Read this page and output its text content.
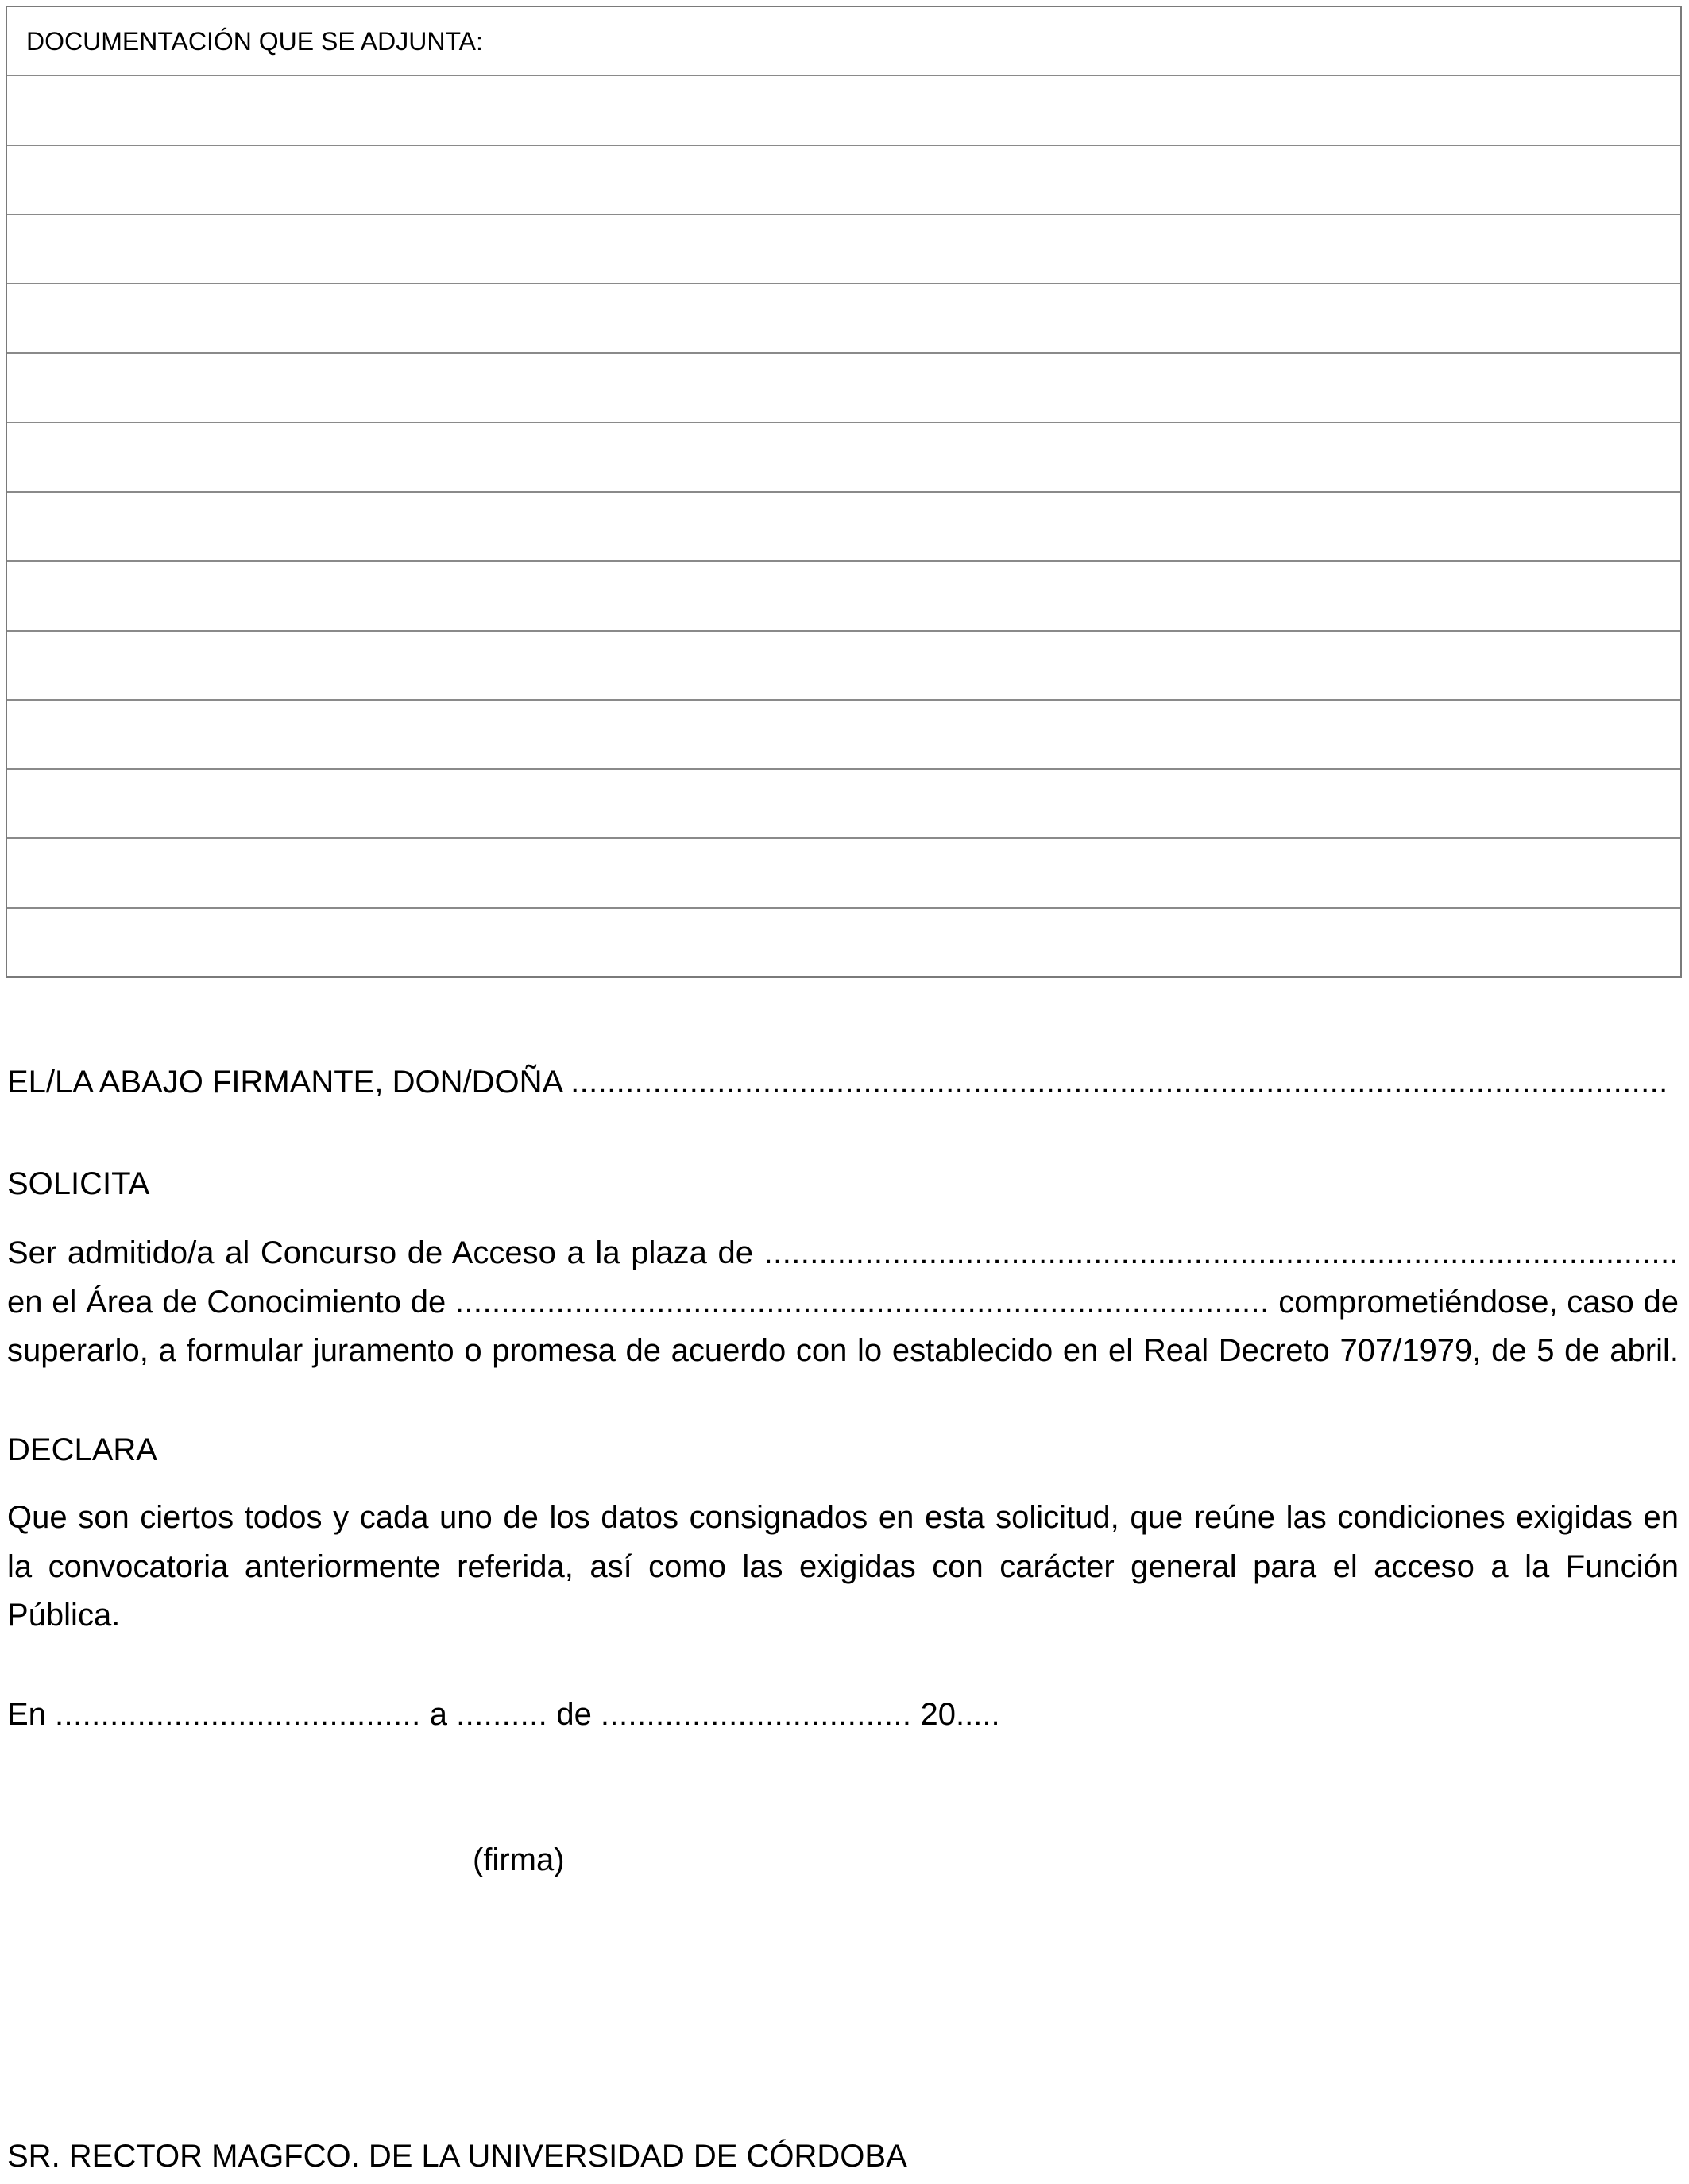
DOCUMENTACIÓN QUE SE ADJUNTA:
EL/LA ABAJO FIRMANTE, DON/DOÑA ........................................................................................................................
SOLICITA
Ser admitido/a al Concurso de Acceso a la plaza de ....................................................................................................
en el Área de Conocimiento de ......................................................................................... comprometiéndose, caso de
superarlo, a formular juramento o promesa de acuerdo con lo establecido en el Real Decreto 707/1979, de 5 de abril.
DECLARA
Que son ciertos todos y cada uno de los datos consignados en esta solicitud, que reúne las condiciones exigidas en
la convocatoria anteriormente referida, así como las exigidas con carácter general para el acceso a la Función
Pública.
En ........................................ a .......... de .................................. 20.....
(firma)
SR. RECTOR MAGFCO. DE LA UNIVERSIDAD DE CÓRDOBA
